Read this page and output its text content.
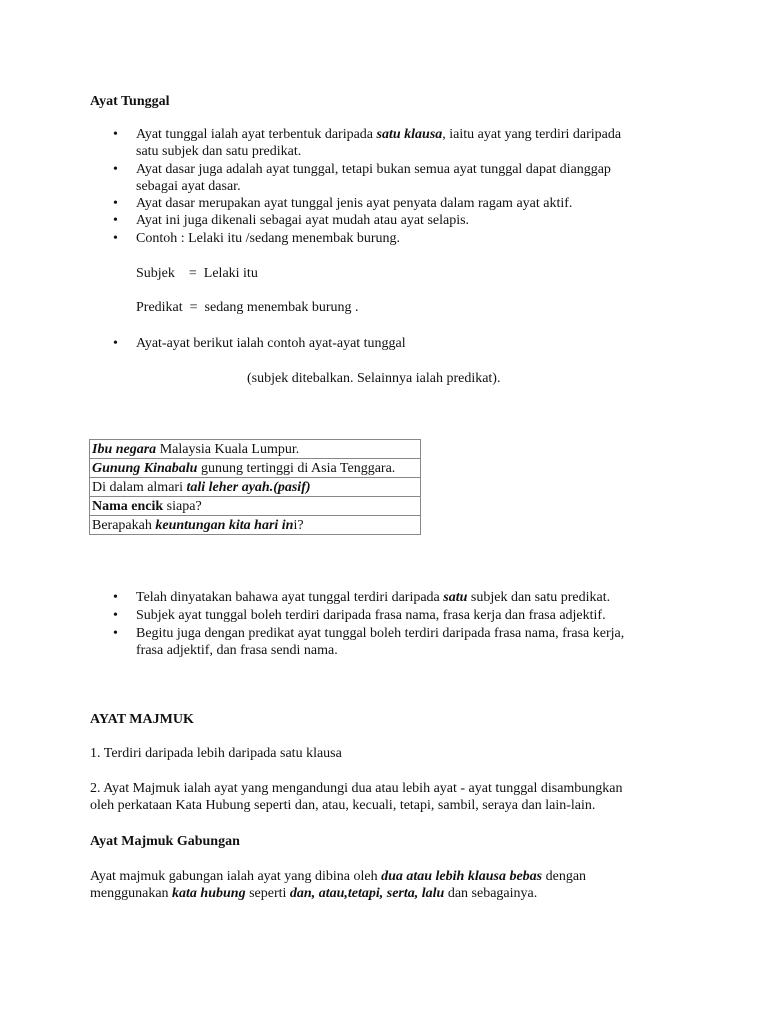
Ayat Tunggal
•	Ayat tunggal ialah ayat terbentuk daripada satu klausa, iaitu ayat yang terdiri daripada
satu subjek dan satu predikat.
•	Ayat dasar juga adalah ayat tunggal, tetapi bukan semua ayat tunggal dapat dianggap
sebagai ayat dasar.
•	Ayat dasar merupakan ayat tunggal jenis ayat penyata dalam ragam ayat aktif.
•	Ayat ini juga dikenali sebagai ayat mudah atau ayat selapis.
•	Contoh : Lelaki itu /sedang menembak burung.
Subjek    =  Lelaki itu
Predikat  =  sedang menembak burung .
•	Ayat-ayat berikut ialah contoh ayat-ayat tunggal
(subjek ditebalkan. Selainnya ialah predikat).
Ibu negara Malaysia Kuala Lumpur.
Gunung Kinabalu gunung tertinggi di Asia Tenggara.
Di dalam almari tali leher ayah.(pasif)
Nama encik siapa?
Berapakah keuntungan kita hari ini?
•	Telah dinyatakan bahawa ayat tunggal terdiri daripada satu subjek dan satu predikat.
•	Subjek ayat tunggal boleh terdiri daripada frasa nama, frasa kerja dan frasa adjektif.
•	Begitu juga dengan predikat ayat tunggal boleh terdiri daripada frasa nama, frasa kerja,
frasa adjektif, dan frasa sendi nama.
AYAT MAJMUK
1. Terdiri daripada lebih daripada satu klausa
2. Ayat Majmuk ialah ayat yang mengandungi dua atau lebih ayat - ayat tunggal disambungkan
oleh perkataan Kata Hubung seperti dan, atau, kecuali, tetapi, sambil, seraya dan lain-lain.
Ayat Majmuk Gabungan
Ayat majmuk gabungan ialah ayat yang dibina oleh dua atau lebih klausa bebas dengan
menggunakan kata hubung seperti dan, atau,tetapi, serta, lalu dan sebagainya.
